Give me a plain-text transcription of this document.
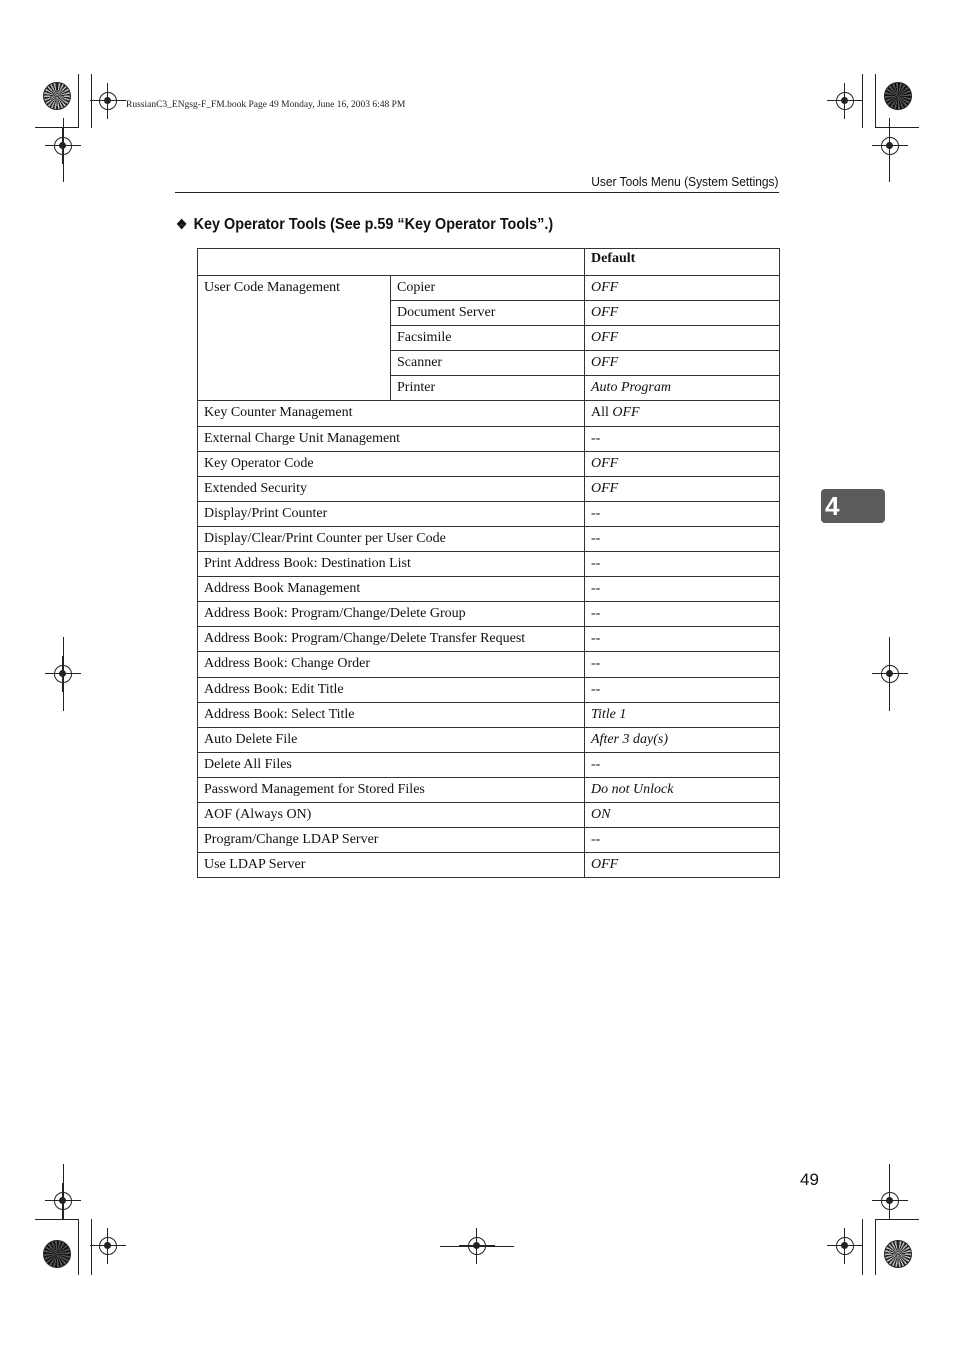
RussianC3_ENgsg-F_FM.book Page 49 Monday, June 16, 2003 6:48 PM
User Tools Menu (System Settings)
❖ Key Operator Tools (See p.59 “Key Operator Tools”.)
		Default
User Code Management	Copier	OFF
	Document Server	OFF
	Facsimile	OFF
	Scanner	OFF
	Printer	Auto Program
Key Counter Management		All OFF
External Charge Unit Management		--
Key Operator Code		OFF
Extended Security		OFF
Display/Print Counter		--
Display/Clear/Print Counter per User Code		--
Print Address Book: Destination List		--
Address Book Management		--
Address Book: Program/Change/Delete Group		--
Address Book: Program/Change/Delete Transfer Request		--
Address Book: Change Order		--
Address Book: Edit Title		--
Address Book: Select Title		Title 1
Auto Delete File		After 3 day(s)
Delete All Files		--
Password Management for Stored Files		Do not Unlock
AOF (Always ON)		ON
Program/Change LDAP Server		--
Use LDAP Server		OFF
4
49
